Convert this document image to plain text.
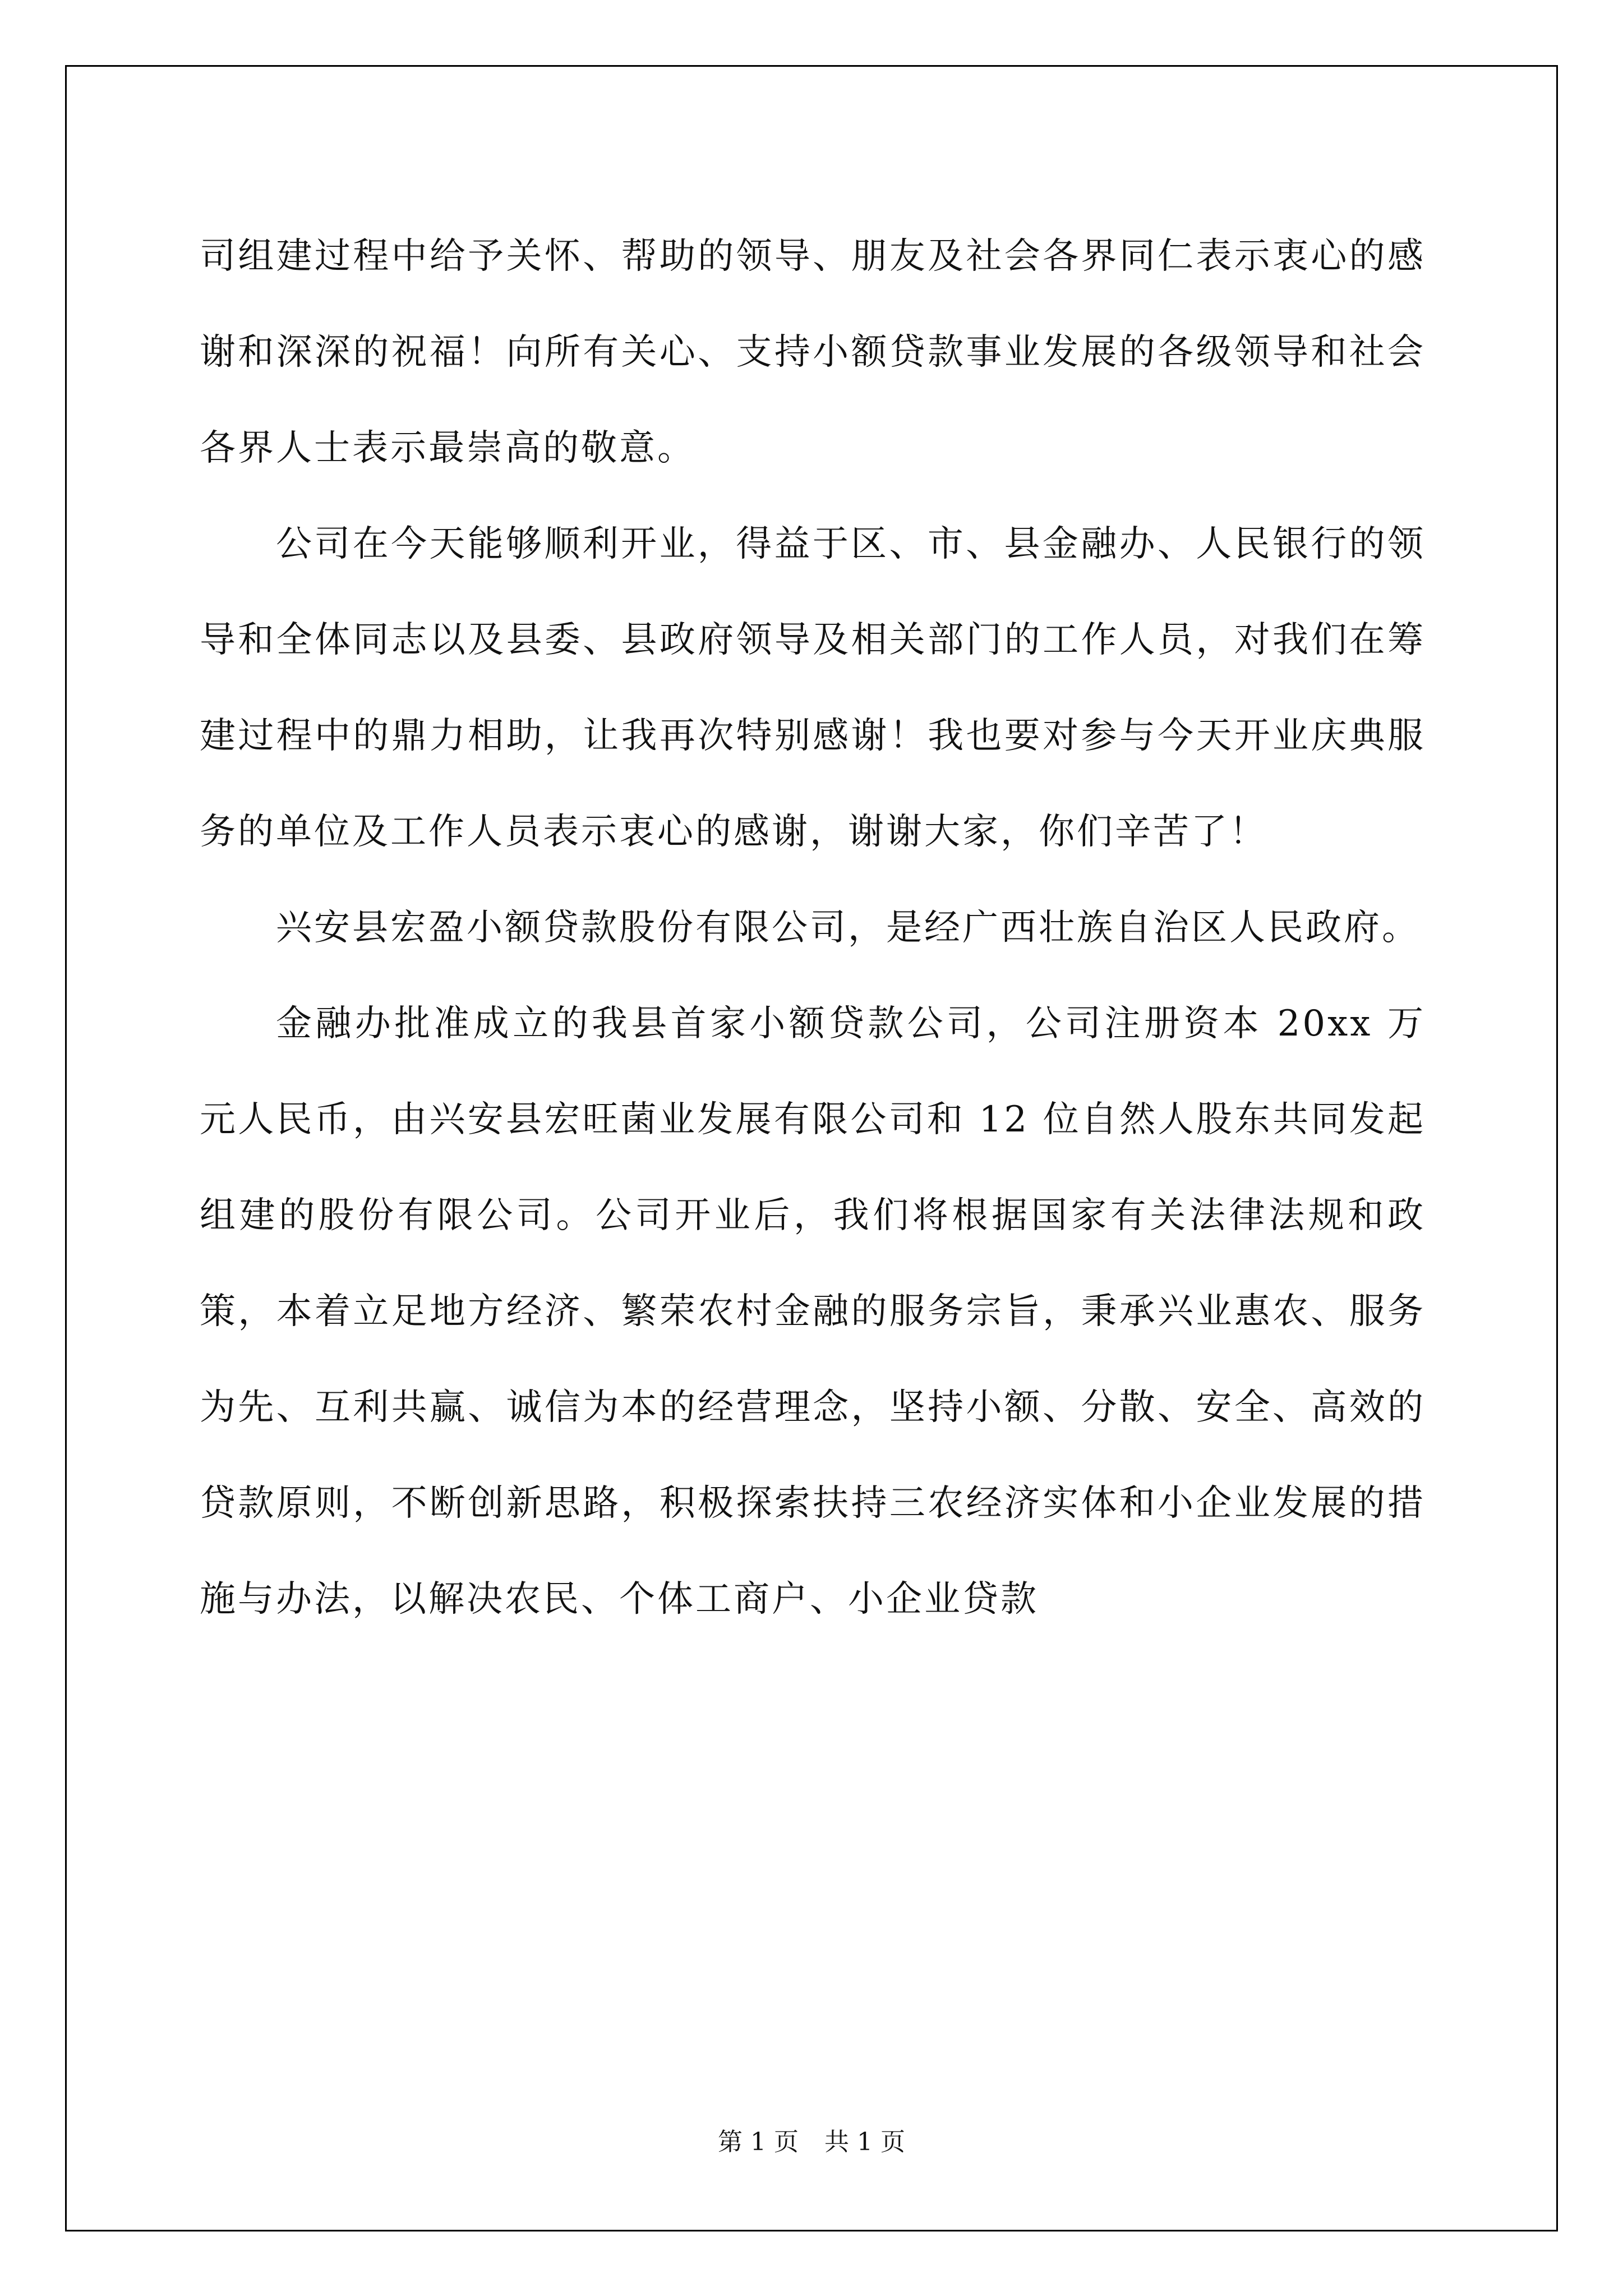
司组建过程中给予关怀、帮助的领导、朋友及社会各界同仁表示衷心的感谢和深深的祝福！向所有关心、支持小额贷款事业发展的各级领导和社会各界人士表示最崇高的敬意。

公司在今天能够顺利开业，得益于区、市、县金融办、人民银行的领导和全体同志以及县委、县政府领导及相关部门的工作人员，对我们在筹建过程中的鼎力相助，让我再次特别感谢！我也要对参与今天开业庆典服务的单位及工作人员表示衷心的感谢，谢谢大家，你们辛苦了！

兴安县宏盈小额贷款股份有限公司，是经广西壮族自治区人民政府。

金融办批准成立的我县首家小额贷款公司，公司注册资本 20xx 万元人民币，由兴安县宏旺菌业发展有限公司和 12 位自然人股东共同发起组建的股份有限公司。公司开业后，我们将根据国家有关法律法规和政策，本着立足地方经济、繁荣农村金融的服务宗旨，秉承兴业惠农、服务为先、互利共赢、诚信为本的经营理念，坚持小额、分散、安全、高效的贷款原则，不断创新思路，积极探索扶持三农经济实体和小企业发展的措施与办法，以解决农民、个体工商户、小企业贷款

第 1 页 共 1 页
